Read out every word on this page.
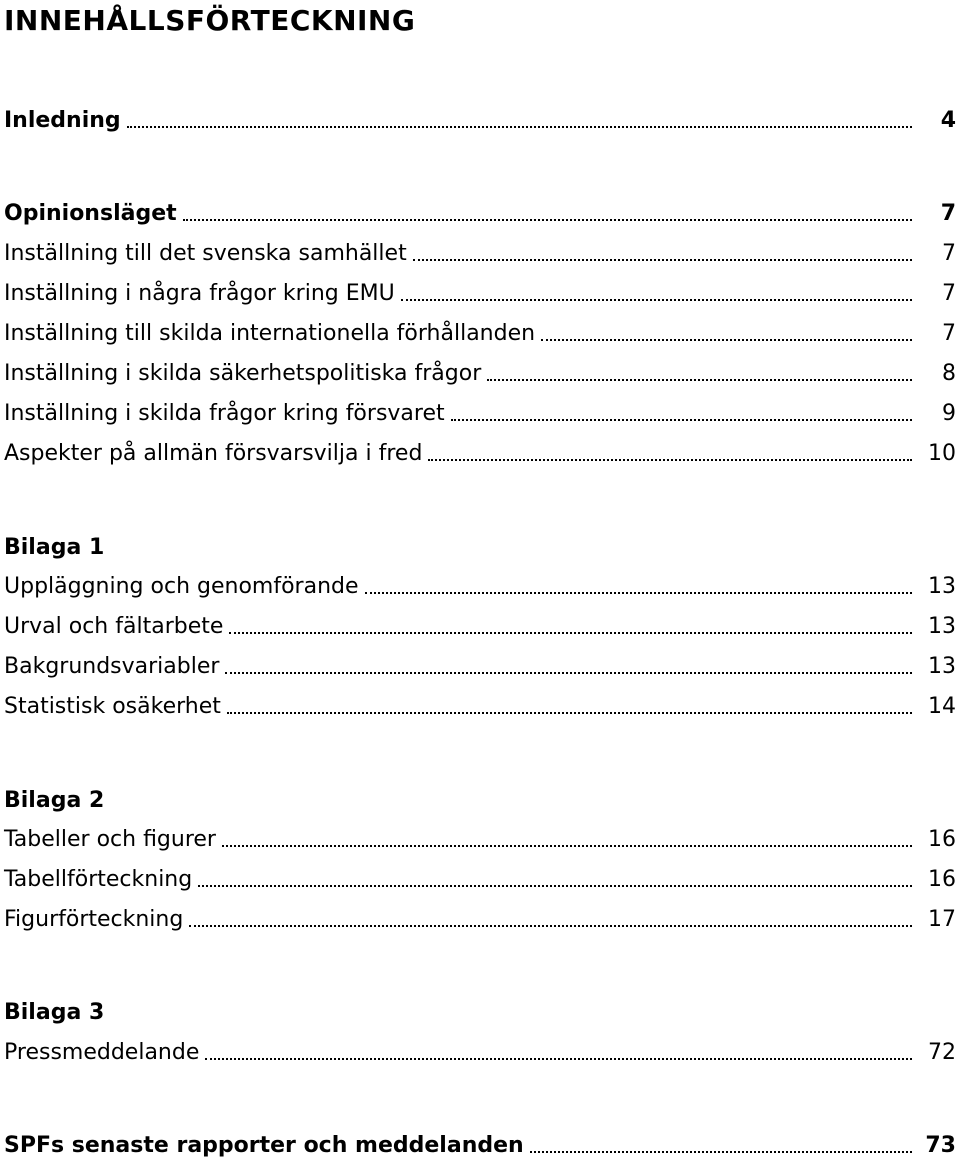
INNEHÅLLSFÖRTECKNING
Inledning	4
Opinionsläget	7
Inställning till det svenska samhället	7
Inställning i några frågor kring EMU	7
Inställning till skilda internationella förhållanden	7
Inställning i skilda säkerhetspolitiska frågor	8
Inställning i skilda frågor kring försvaret	9
Aspekter på allmän försvarsvilja i fred	10
Bilaga 1
Uppläggning och genomförande	13
Urval och fältarbete	13
Bakgrundsvariabler	13
Statistisk osäkerhet	14
Bilaga 2
Tabeller och figurer	16
Tabellförteckning	16
Figurförteckning	17
Bilaga 3
Pressmeddelande	72
SPFs senaste rapporter och meddelanden	73
